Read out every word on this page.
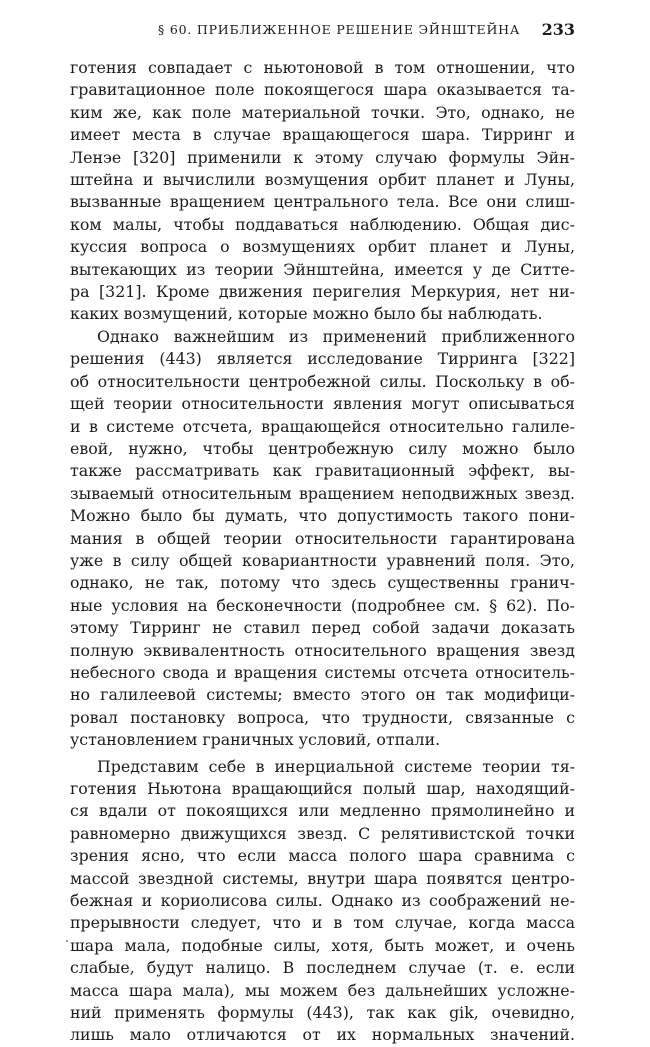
§ 60. ПРИБЛИЖЕННОЕ РЕШЕНИЕ ЭЙНШТЕЙНА 233
готения совпадает с ньютоновой в том отношении, что
гравитационное поле покоящегося шара оказывается та-
ким же, как поле материальной точки. Это, однако, не
имеет места в случае вращающегося шара. Тирринг и
Ленэе [320] применили к этому случаю формулы Эйн-
штейна и вычислили возмущения орбит планет и Луны,
вызванные вращением центрального тела. Все они слиш-
ком малы, чтобы поддаваться наблюдению. Общая дис-
куссия вопроса о возмущениях орбит планет и Луны,
вытекающих из теории Эйнштейна, имеется у де Ситте-
ра [321]. Кроме движения перигелия Меркурия, нет ни-
каких возмущений, которые можно было бы наблюдать.
Однако важнейшим из применений приближенного
решения (443) является исследование Тирринга [322]
об относительности центробежной силы. Поскольку в об-
щей теории относительности явления могут описываться
и в системе отсчета, вращающейся относительно галиле-
евой, нужно, чтобы центробежную силу можно было
также рассматривать как гравитационный эффект, вы-
зываемый относительным вращением неподвижных звезд.
Можно было бы думать, что допустимость такого пони-
мания в общей теории относительности гарантирована
уже в силу общей ковариантности уравнений поля. Это,
однако, не так, потому что здесь существенны гранич-
ные условия на бесконечности (подробнее см. § 62). По-
этому Тирринг не ставил перед собой задачи доказать
полную эквивалентность относительного вращения звезд
небесного свода и вращения системы отсчета относитель-
но галилеевой системы; вместо этого он так модифици-
ровал постановку вопроса, что трудности, связанные с
установлением граничных условий, отпали.
Представим себе в инерциальной системе теории тя-
готения Ньютона вращающийся полый шар, находящий-
ся вдали от покоящихся или медленно прямолинейно и
равномерно движущихся звезд. С релятивистской точки
зрения ясно, что если масса полого шара сравнима с
массой звездной системы, внутри шара появятся центро-
бежная и кориолисова силы. Однако из соображений не-
прерывности следует, что и в том случае, когда масса
шара мала, подобные силы, хотя, быть может, и очень
слабые, будут налицо. В последнем случае (т. е. если
масса шара мала), мы можем без дальнейших усложне-
ний применять формулы (443), так как gik, очевидно,
лишь мало отличаются от их нормальных значений.
